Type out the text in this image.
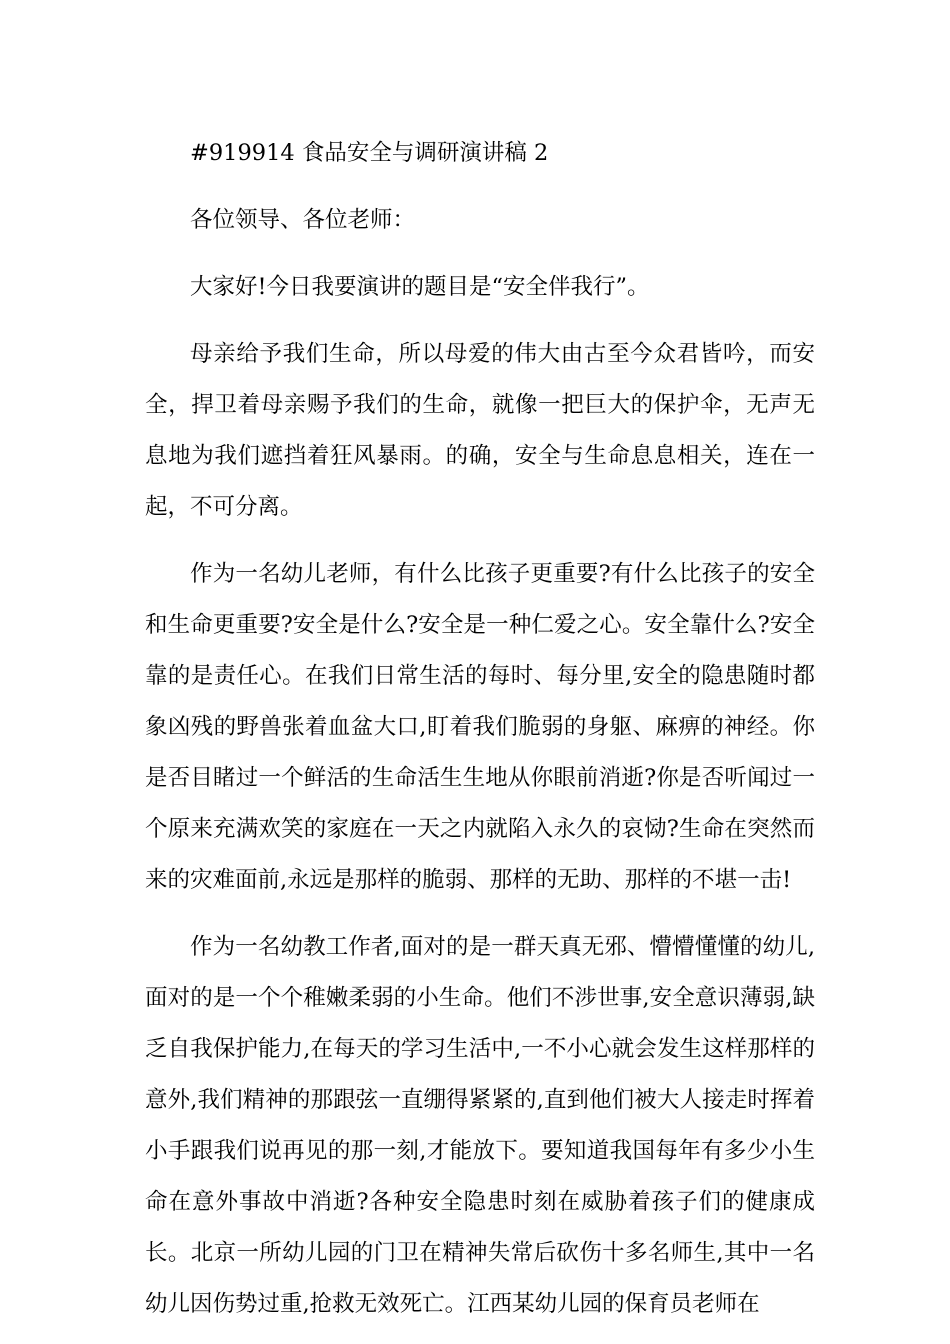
#919914 食品安全与调研演讲稿 2

各位领导、各位老师：

大家好!今日我要演讲的题目是“安全伴我行”。

母亲给予我们生命，所以母爱的伟大由古至今众君皆吟，而安全，捍卫着母亲赐予我们的生命，就像一把巨大的保护伞，无声无息地为我们遮挡着狂风暴雨。的确，安全与生命息息相关，连在一起，不可分离。

作为一名幼儿老师，有什么比孩子更重要?有什么比孩子的安全和生命更重要?安全是什么?安全是一种仁爱之心。安全靠什么?安全靠的是责任心。在我们日常生活的每时、每分里,安全的隐患随时都象凶残的野兽张着血盆大口,盯着我们脆弱的身躯、麻痹的神经。你是否目睹过一个鲜活的生命活生生地从你眼前消逝?你是否听闻过一个原来充满欢笑的家庭在一天之内就陷入永久的哀恸?生命在突然而来的灾难面前,永远是那样的脆弱、那样的无助、那样的不堪一击!

作为一名幼教工作者,面对的是一群天真无邪、懵懵懂懂的幼儿,面对的是一个个稚嫩柔弱的小生命。他们不涉世事,安全意识薄弱,缺乏自我保护能力,在每天的学习生活中,一不小心就会发生这样那样的意外,我们精神的那跟弦一直绷得紧紧的,直到他们被大人接走时挥着小手跟我们说再见的那一刻,才能放下。要知道我国每年有多少小生命在意外事故中消逝?各种安全隐患时刻在威胁着孩子们的健康成长。北京一所幼儿园的门卫在精神失常后砍伤十多名师生,其中一名幼儿因伤势过重,抢救无效死亡。江西某幼儿园的保育员老师在
